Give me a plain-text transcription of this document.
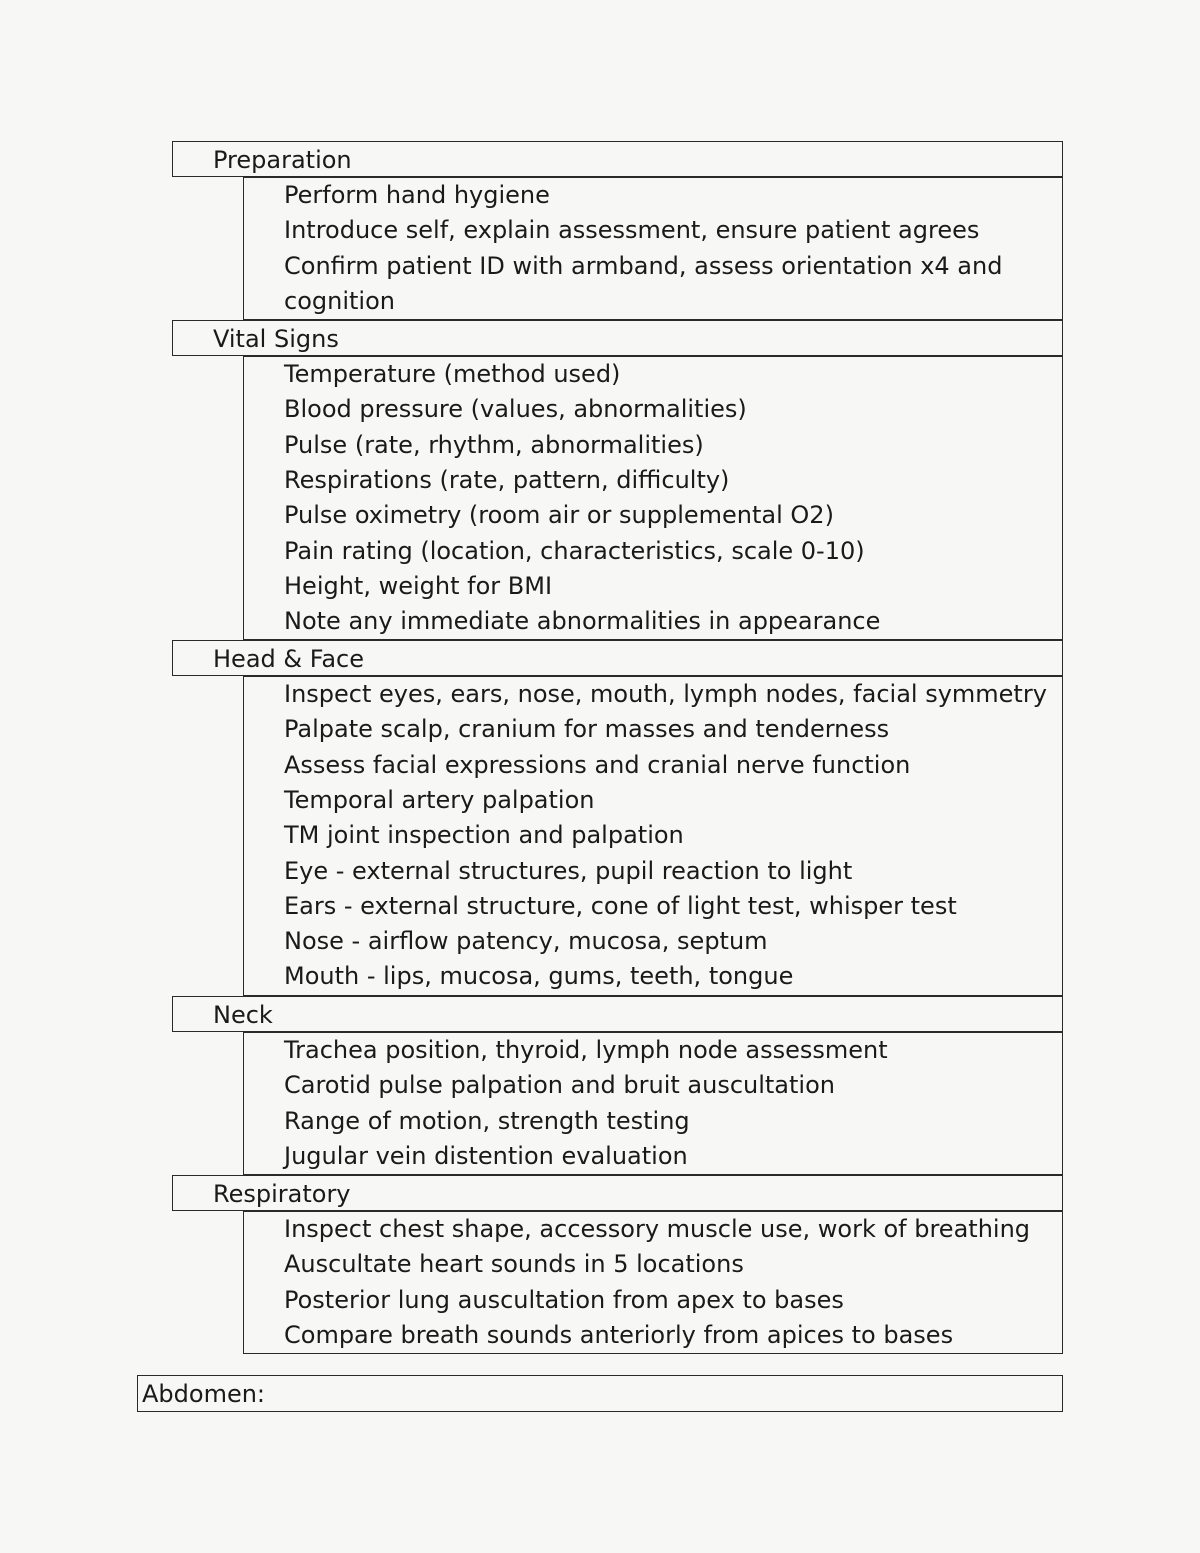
Abdomen:
Preparation
Perform hand hygiene
Introduce self, explain assessment, ensure patient agrees
Confirm patient ID with armband, assess orientation x4 and
cognition
Vital Signs
Temperature (method used)
Blood pressure (values, abnormalities)
Pulse (rate, rhythm, abnormalities)
Respirations (rate, pattern, difficulty)
Pulse oximetry (room air or supplemental O2)
Pain rating (location, characteristics, scale 0-10)
Height, weight for BMI
Note any immediate abnormalities in appearance
Head & Face
Inspect eyes, ears, nose, mouth, lymph nodes, facial symmetry
Palpate scalp, cranium for masses and tenderness
Assess facial expressions and cranial nerve function
Temporal artery palpation
TM joint inspection and palpation
Eye - external structures, pupil reaction to light
Ears - external structure, cone of light test, whisper test
Nose - airflow patency, mucosa, septum
Mouth - lips, mucosa, gums, teeth, tongue
Neck
Trachea position, thyroid, lymph node assessment
Carotid pulse palpation and bruit auscultation
Range of motion, strength testing
Jugular vein distention evaluation
Respiratory
Inspect chest shape, accessory muscle use, work of breathing
Auscultate heart sounds in 5 locations
Posterior lung auscultation from apex to bases
Compare breath sounds anteriorly from apices to bases
